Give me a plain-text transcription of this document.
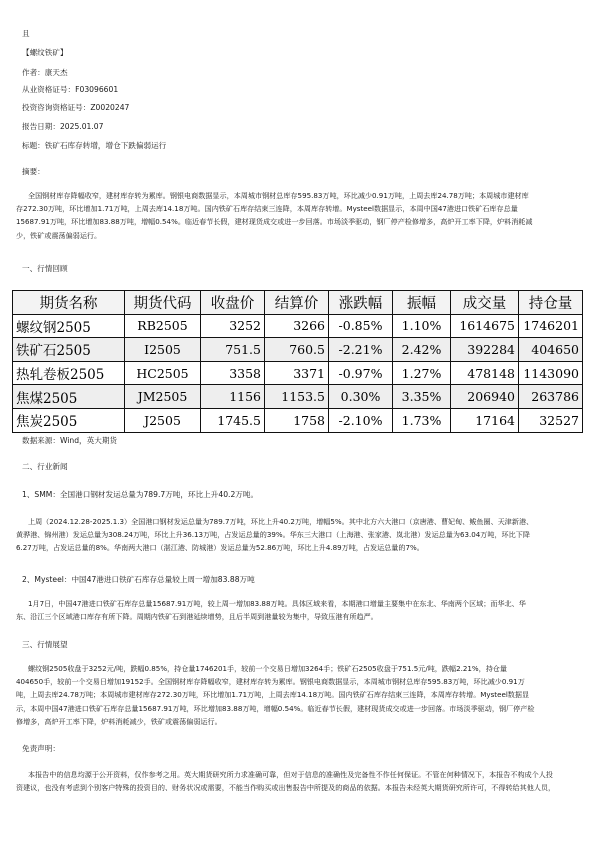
且
【螺纹铁矿】
作者：康天杰
从业资格证号：F03096601
投资咨询资格证号：Z0020247
报告日期：2025.01.07
标题：铁矿石库存转增，增仓下跌偏弱运行
摘要：

全国钢材库存降幅收窄，建材库存转为累库。钢银电商数据显示，本周城市钢材总库存595.83万吨，环比减少0.91万吨，上周去库24.78万吨；本周城市建材库

存272.30万吨，环比增加1.71万吨，上周去库14.18万吨。国内铁矿石库存结束三连降，本周库存转增。Mysteel数据显示，本周中国47港进口铁矿石库存总量

15687.91万吨，环比增加83.88万吨，增幅0.54%。临近春节长假，建材现货成交或进一步回落。市场淡季驱动，钢厂停产检修增多，高炉开工率下降，炉料消耗减

少，铁矿或震荡偏弱运行。

一、行情回顾
期货名称	期货代码	收盘价	结算价	涨跌幅	振幅	成交量	持仓量
螺纹钢2505	RB2505	3252	3266	-0.85%	1.10%	1614675	1746201
铁矿石2505	I2505	751.5	760.5	-2.21%	2.42%	392284	404650
热轧卷板2505	HC2505	3358	3371	-0.97%	1.27%	478148	1143090
焦煤2505	JM2505	1156	1153.5	0.30%	3.35%	206940	263786
焦炭2505	J2505	1745.5	1758	-2.10%	1.73%	17164	32527
数据来源：Wind，英大期货
二、行业新闻
1、SMM：全国港口钢材发运总量为789.7万吨，环比上升40.2万吨。

上周（2024.12.28-2025.1.3）全国港口钢材发运总量为789.7万吨，环比上升40.2万吨，增幅5%。其中北方六大港口（京唐港、曹妃甸、鲅鱼圈、天津新港、

黄骅港、锦州港）发运总量为308.24万吨，环比上升36.13万吨，占发运总量的39%。华东三大港口（上海港、张家港、岚北港）发运总量为63.04万吨，环比下降

6.27万吨，占发运总量的8%。华南两大港口（湛江港、防城港）发运总量为52.86万吨，环比上升4.89万吨，占发运总量的7%。

2、Mysteel：中国47港进口铁矿石库存总量较上周一增加83.88万吨

1月7日，中国47港进口铁矿石库存总量15687.91万吨，较上周一增加83.88万吨。具体区域来看，本期港口增量主要集中在东北、华南两个区域；而华北、华

东、沿江三个区域港口库存有所下降。周期内铁矿石到港延续增势，且后半周到港量较为集中，导致压港有所趋严。

三、行情展望

螺纹钢2505收盘于3252元/吨，跌幅0.85%，持仓量1746201手，较前一个交易日增加3264手；铁矿石2505收盘于751.5元/吨，跌幅2.21%，持仓量

404650手，较前一个交易日增加19152手。全国钢材库存降幅收窄，建材库存转为累库。钢银电商数据显示，本周城市钢材总库存595.83万吨，环比减少0.91万

吨，上周去库24.78万吨；本周城市建材库存272.30万吨，环比增加1.71万吨，上周去库14.18万吨。国内铁矿石库存结束三连降，本周库存转增。Mysteel数据显

示，本周中国47港进口铁矿石库存总量15687.91万吨，环比增加83.88万吨，增幅0.54%。临近春节长假，建材现货成交或进一步回落。市场淡季驱动，钢厂停产检

修增多，高炉开工率下降，炉料消耗减少，铁矿或震荡偏弱运行。

免责声明：

本报告中的信息均源于公开资料，仅作参考之用。英大期货研究所力求准确可靠，但对于信息的准确性及完备性不作任何保证。不管在何种情况下，本报告不构成个人投

资建议，也没有考虑到个别客户特殊的投资目的、财务状况或需要，不能当作购买或出售报告中所提及的商品的依据。本报告未经英大期货研究所许可，不得转给其他人员，
